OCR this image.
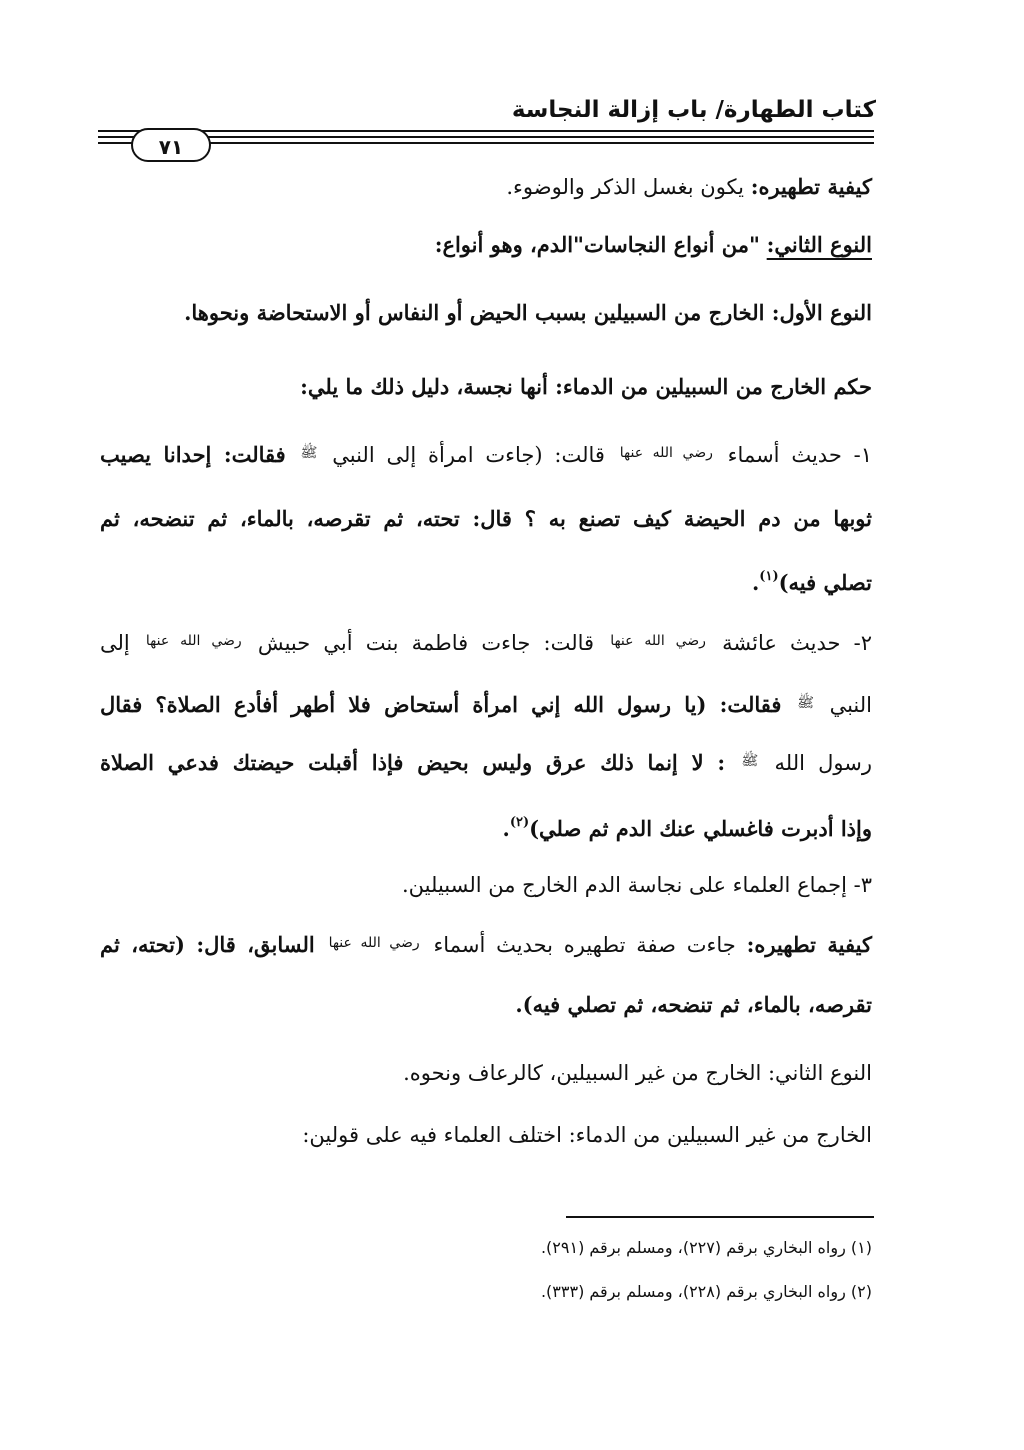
كتاب الطهارة/ باب إزالة النجاسة
٧١
كيفية تطهيره: يكون بغسل الذكر والوضوء.
النوع الثاني: "من أنواع النجاسات"الدم، وهو أنواع:
النوع الأول: الخارج من السبيلين بسبب الحيض أو النفاس أو الاستحاضة ونحوها.
حكم الخارج من السبيلين من الدماء: أنها نجسة، دليل ذلك ما يلي:
١- حديث أسماء $^{رضي الله عنها}$ قالت: (جاءت امرأة إلى النبي $^ﷺ$ فقالت: إحدانا يصيب
ثوبها من دم الحيضة كيف تصنع به ؟ قال: تحته، ثم تقرصه، بالماء، ثم تنضحه، ثم
تصلي فيه)$^{(١)}$.
٢- حديث عائشة $^{رضي الله عنها}$ قالت: جاءت فاطمة بنت أبي حبيش $^{رضي الله عنها}$ إلى
النبي $^ﷺ$ فقالت: (يا رسول الله إني امرأة أستحاض فلا أطهر أفأدع الصلاة؟ فقال
رسول الله $^ﷺ$ : لا إنما ذلك عرق وليس بحيض فإذا أقبلت حيضتك فدعي الصلاة
وإذا أدبرت فاغسلي عنك الدم ثم صلي)$^{(٢)}$.
٣- إجماع العلماء على نجاسة الدم الخارج من السبيلين.
كيفية تطهيره: جاءت صفة تطهيره بحديث أسماء $^{رضي الله عنها}$ السابق، قال: (تحته، ثم
تقرصه، بالماء، ثم تنضحه، ثم تصلي فيه).
النوع الثاني: الخارج من غير السبيلين، كالرعاف ونحوه.
الخارج من غير السبيلين من الدماء: اختلف العلماء فيه على قولين:
(١) رواه البخاري برقم (٢٢٧)، ومسلم برقم (٢٩١).
(٢) رواه البخاري برقم (٢٢٨)، ومسلم برقم (٣٣٣).
